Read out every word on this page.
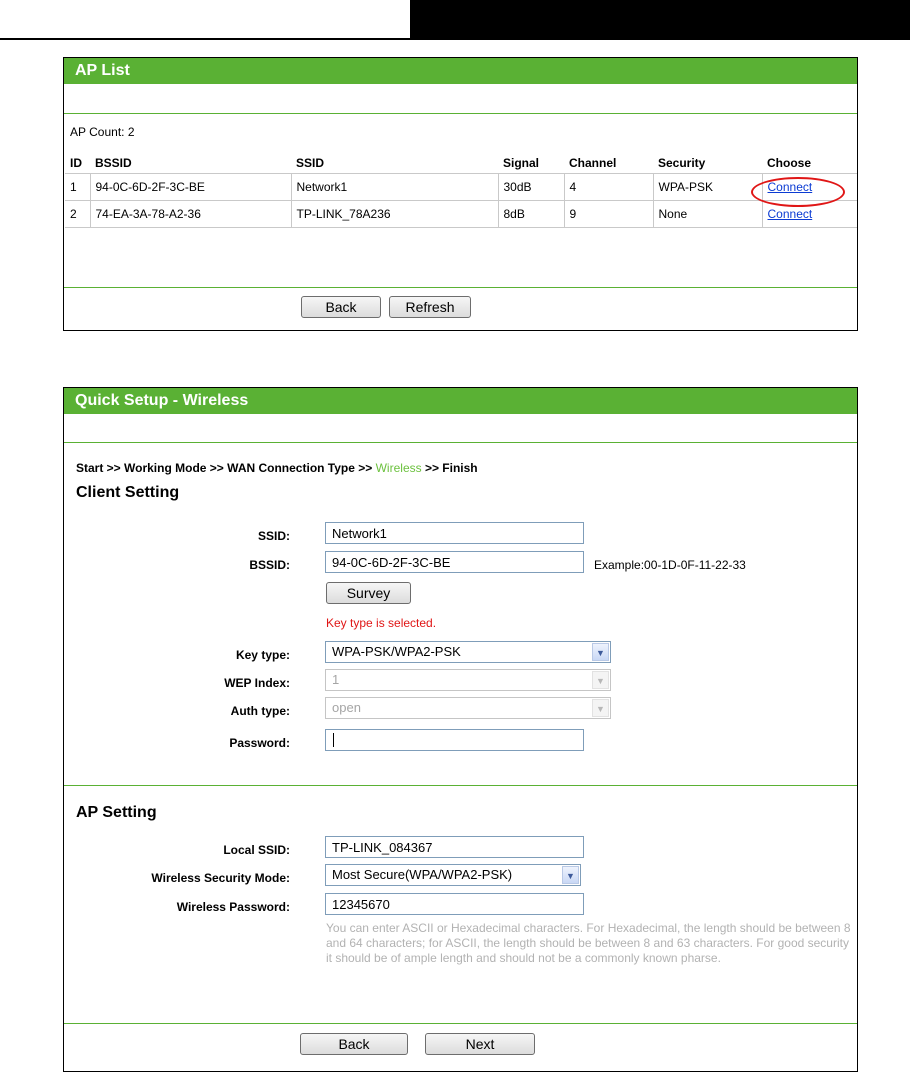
AP List
AP Count: 2
ID	BSSID	SSID	Signal	Channel	Security	Choose
1	94-0C-6D-2F-3C-BE	Network1	30dB	4	WPA-PSK	Connect
2	74-EA-3A-78-A2-36	TP-LINK_78A236	8dB	9	None	Connect
Back	Refresh
Quick Setup - Wireless
Start >> Working Mode >> WAN Connection Type >> Wireless >> Finish
Client Setting
SSID:
Network1
BSSID:
94-0C-6D-2F-3C-BE	Example:00-1D-0F-11-22-33
Survey
Key type is selected.
Key type:	WPA-PSK/WPA2-PSK	▼
WEP Index:	1	▼
Auth type:	open	▼
Password:
AP Setting
Local SSID:
TP-LINK_084367
Wireless Security Mode:	Most Secure(WPA/WPA2-PSK)	▼
Wireless Password:
12345670
You can enter ASCII or Hexadecimal characters. For Hexadecimal, the length should be between 8 and 64 characters; for ASCII, the length should be between 8 and 63 characters. For good security it should be of ample length and should not be a commonly known pharse.
Back	Next
